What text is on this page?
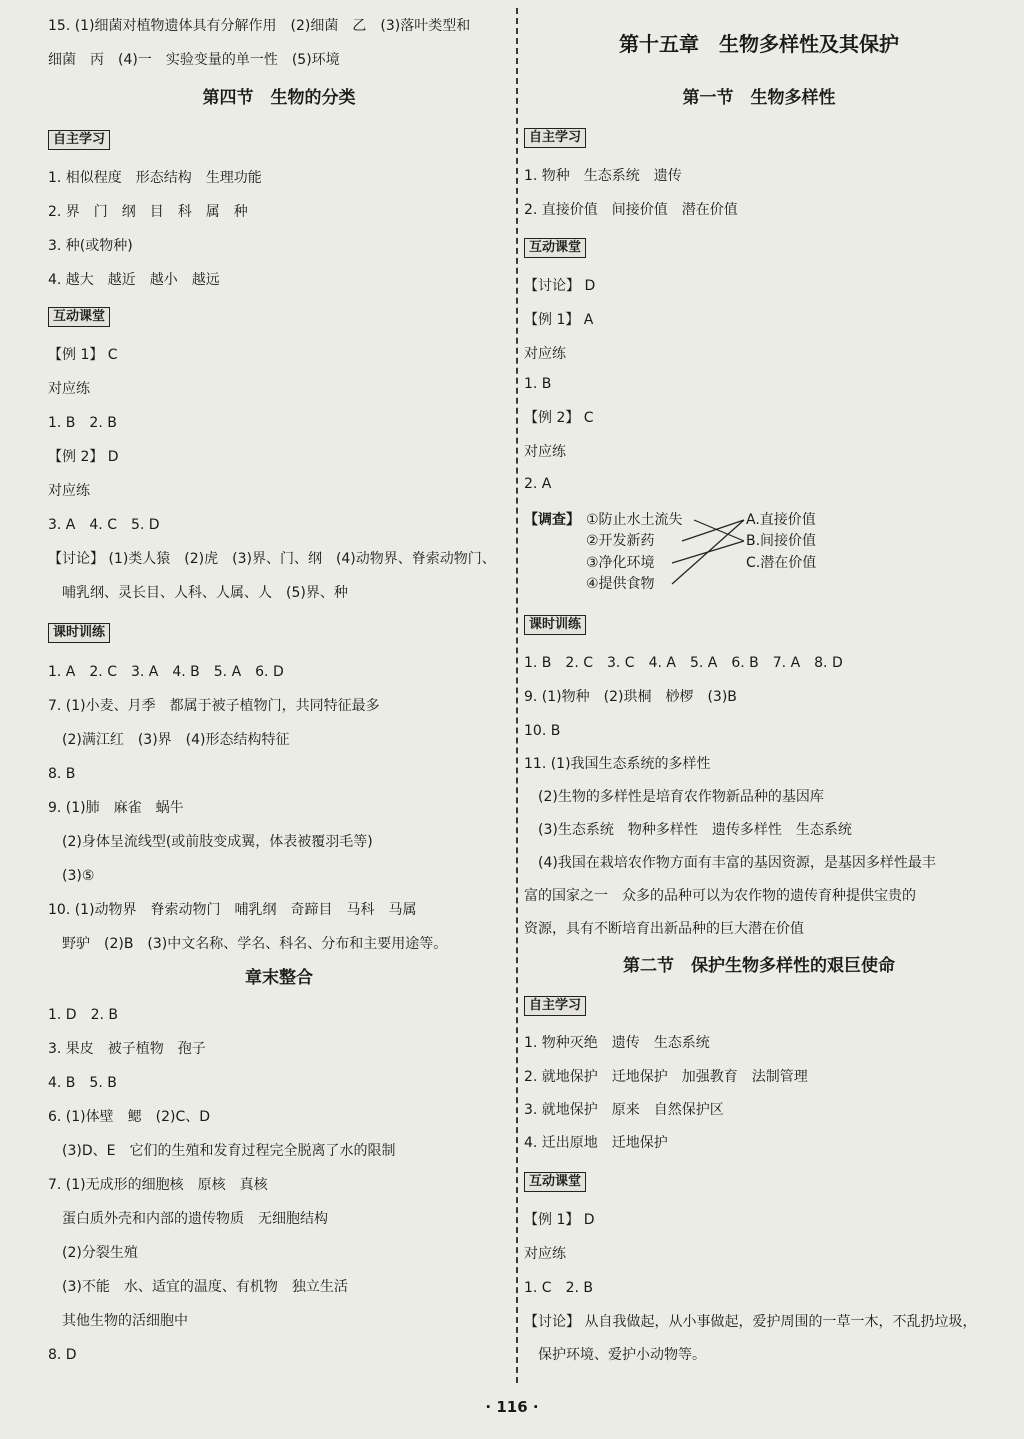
15. (1)细菌对植物遗体具有分解作用　(2)细菌　乙　(3)落叶类型和
细菌　丙　(4)一　实验变量的单一性　(5)环境
第四节　生物的分类
自主学习
1. 相似程度　形态结构　生理功能
2. 界　门　纲　目　科　属　种
3. 种(或物种)
4. 越大　越近　越小　越远
互动课堂
【例 1】 C
对应练
1. B　2. B
【例 2】 D
对应练
3. A　4. C　5. D
【讨论】 (1)类人猿　(2)虎　(3)界、门、纲　(4)动物界、脊索动物门、
哺乳纲、灵长目、人科、人属、人　(5)界、种
课时训练
1. A　2. C　3. A　4. B　5. A　6. D
7. (1)小麦、月季　都属于被子植物门，共同特征最多
(2)满江红　(3)界　(4)形态结构特征
8. B
9. (1)肺　麻雀　蜗牛
(2)身体呈流线型(或前肢变成翼，体表被覆羽毛等)
(3)⑤
10. (1)动物界　脊索动物门　哺乳纲　奇蹄目　马科　马属
野驴　(2)B　(3)中文名称、学名、科名、分布和主要用途等。
章末整合
1. D　2. B
3. 果皮　被子植物　孢子
4. B　5. B
6. (1)体壁　鳃　(2)C、D
(3)D、E　它们的生殖和发育过程完全脱离了水的限制
7. (1)无成形的细胞核　原核　真核
蛋白质外壳和内部的遗传物质　无细胞结构
(2)分裂生殖
(3)不能　水、适宜的温度、有机物　独立生活
其他生物的活细胞中
8. D
第十五章　生物多样性及其保护
第一节　生物多样性
自主学习
1. 物种　生态系统　遗传
2. 直接价值　间接价值　潜在价值
互动课堂
【讨论】 D
【例 1】 A
对应练
1. B
【例 2】 C
对应练
2. A
【调查】 ①防止水土流失
②开发新药
③净化环境
④提供食物
A.直接价值
B.间接价值
C.潜在价值
课时训练
1. B　2. C　3. C　4. A　5. A　6. B　7. A　8. D
9. (1)物种　(2)珙桐　桫椤　(3)B
10. B
11. (1)我国生态系统的多样性
(2)生物的多样性是培育农作物新品种的基因库
(3)生态系统　物种多样性　遗传多样性　生态系统
(4)我国在栽培农作物方面有丰富的基因资源，是基因多样性最丰
富的国家之一　众多的品种可以为农作物的遗传育种提供宝贵的
资源，具有不断培育出新品种的巨大潜在价值
第二节　保护生物多样性的艰巨使命
自主学习
1. 物种灭绝　遗传　生态系统
2. 就地保护　迁地保护　加强教育　法制管理
3. 就地保护　原来　自然保护区
4. 迁出原地　迁地保护
互动课堂
【例 1】 D
对应练
1. C　2. B
【讨论】 从自我做起，从小事做起，爱护周围的一草一木，不乱扔垃圾，
保护环境、爱护小动物等。
· 116 ·
